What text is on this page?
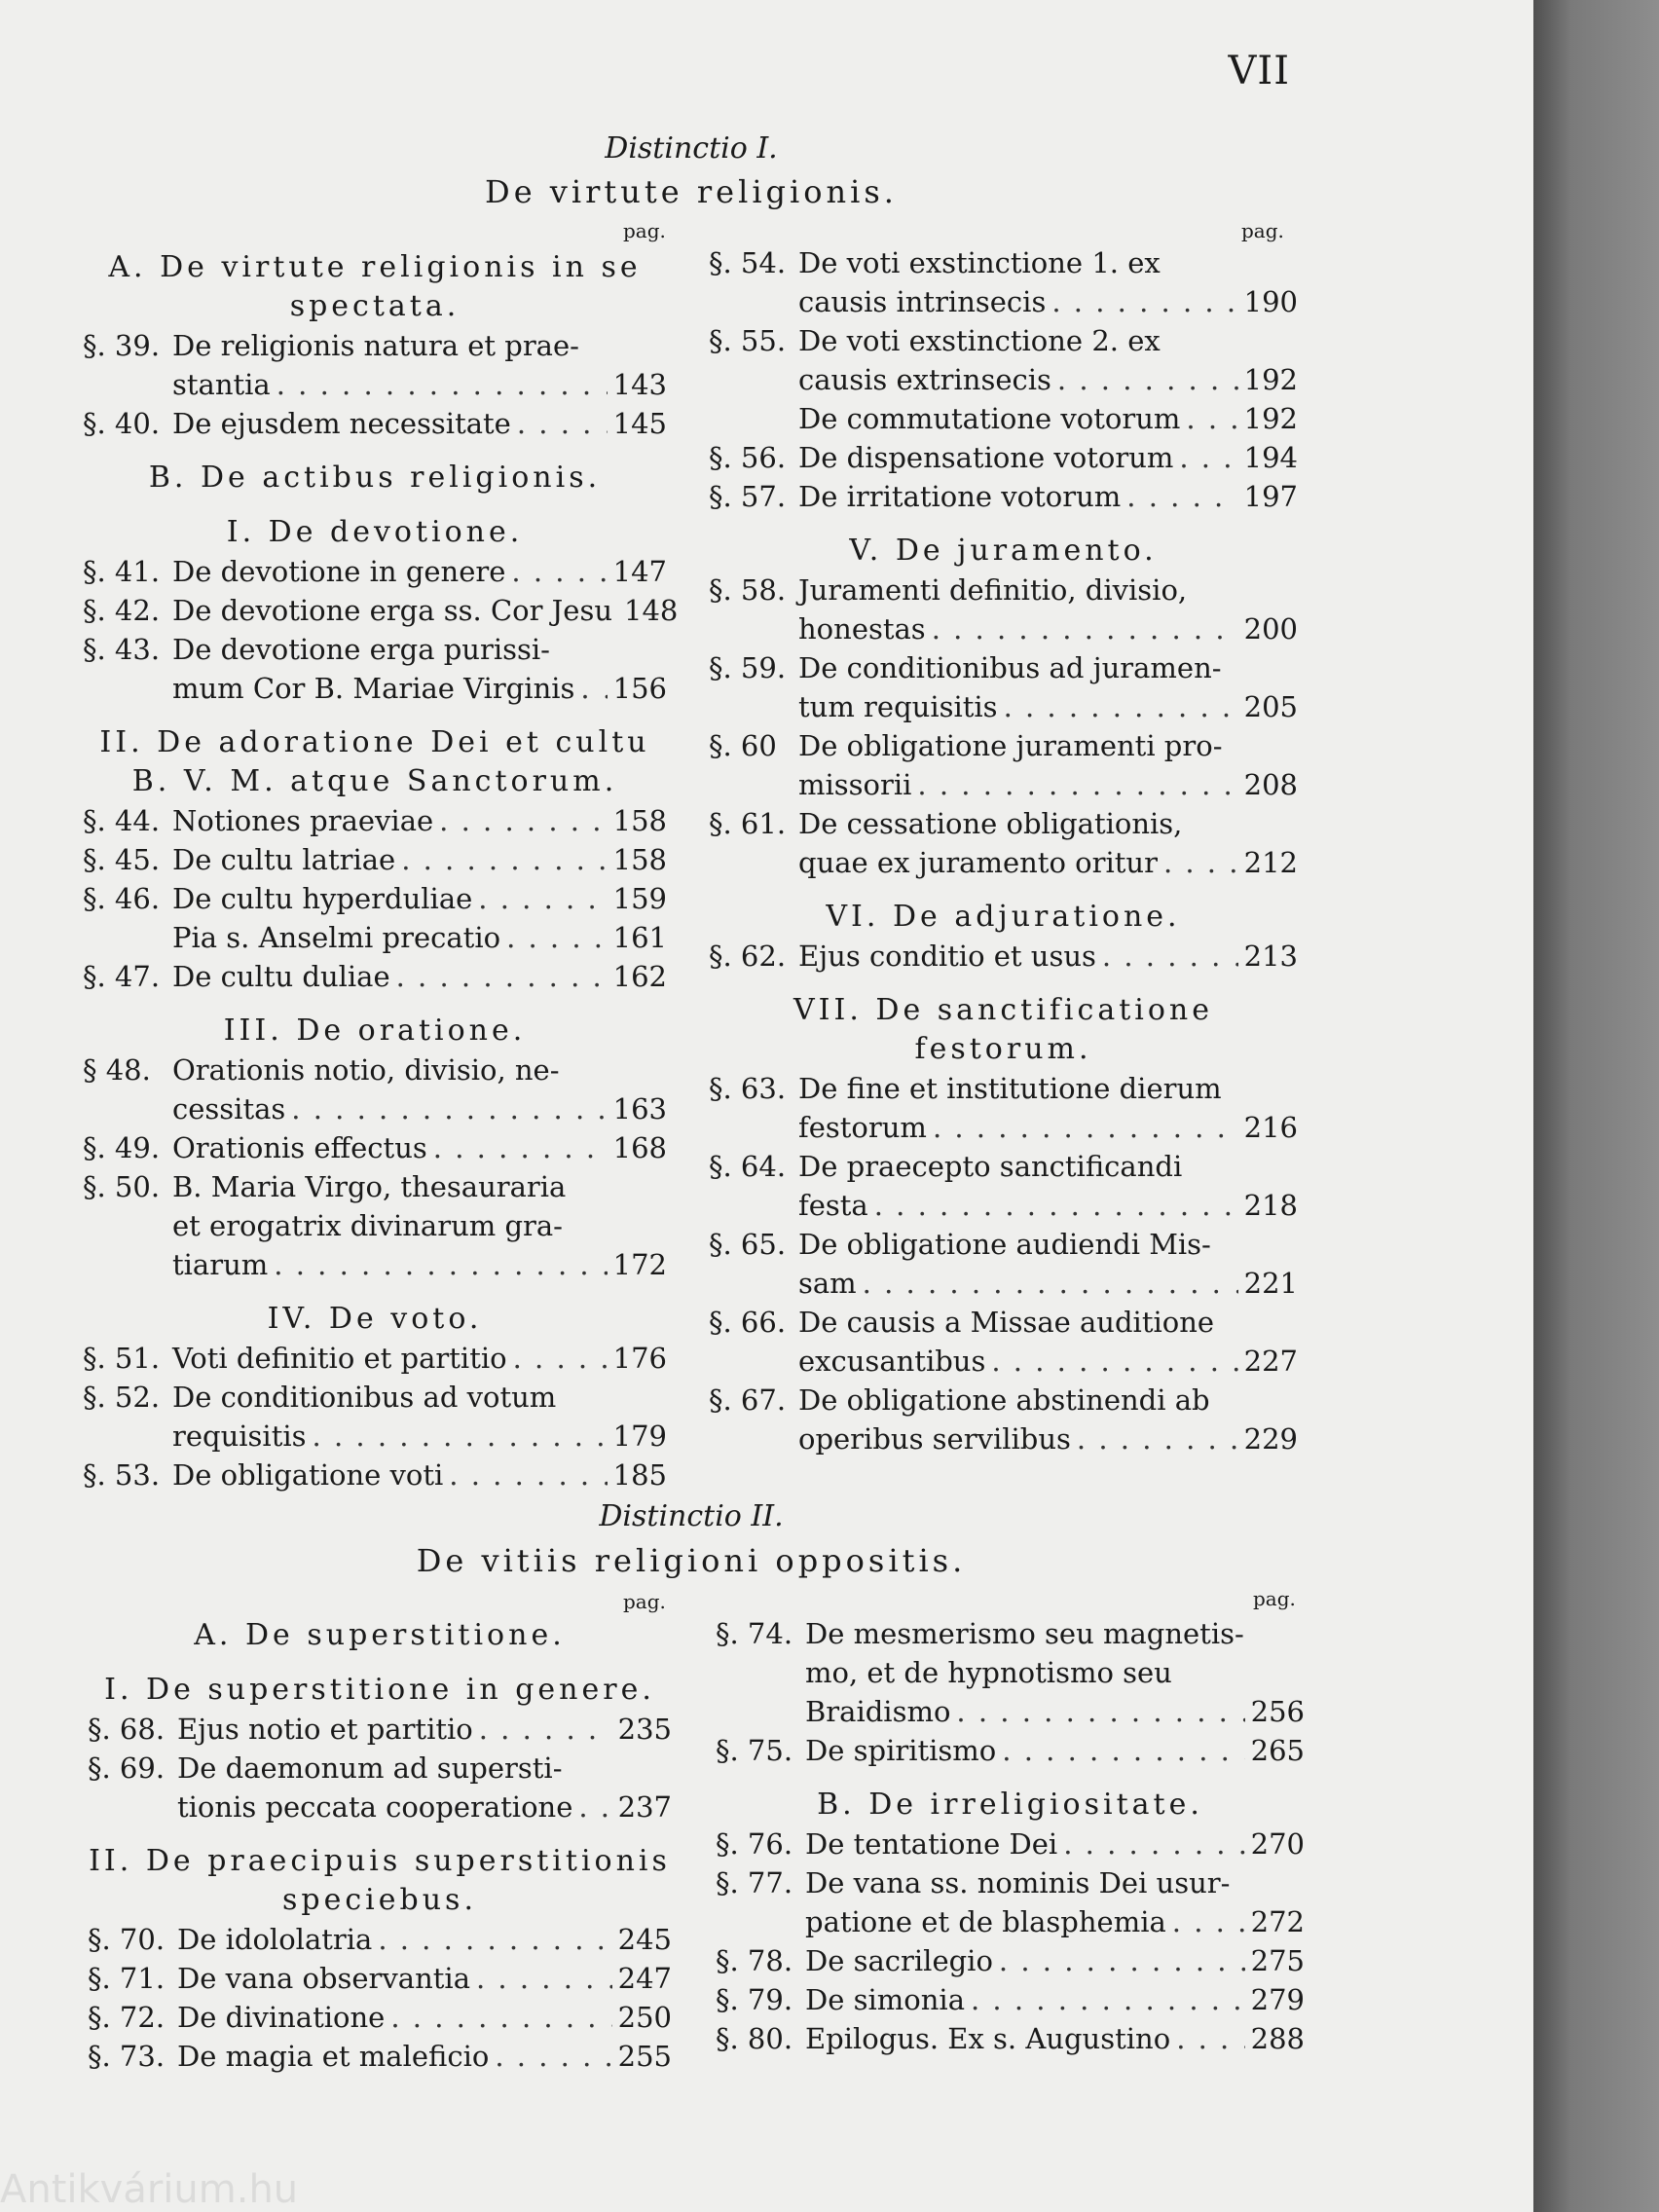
VII
Distinctio I.
De virtute religionis.
pag.	pag.
A. De virtute religionis in se spectata.
§. 39. De religionis natura et prae-
stantia . . .	143
§. 40. De ejusdem necessitate . . .	145
B. De actibus religionis.
I. De devotione.
§. 41. De devotione in genere . . .	147
§. 42. De devotione erga ss. Cor Jesu 148
§. 43. De devotione erga purissi-
mum Cor B. Mariae Virginis . . . 156
II. De adoratione Dei et cultu B. V. M. atque Sanctorum.
§. 44. Notiones praeviae . . .	158
§. 45. De cultu latriae . . .	158
§. 46. De cultu hyperduliae . . .	159
Pia s. Anselmi precatio . . .	161
§. 47. De cultu duliae . . .	162
III. De oratione.
§ 48. Orationis notio, divisio, ne-
cessitas . . .	163
§. 49. Orationis effectus . . .	168
§. 50. B. Maria Virgo, thesauraria
et erogatrix divinarum gra-
tiarum . . .	172
IV. De voto.
§. 51. Voti definitio et partitio . . .	176
§. 52. De conditionibus ad votum
requisitis . . .	179
§. 53. De obligatione voti . . .	185
§. 54. De voti exstinctione 1. ex
causis intrinsecis . . .	190
§. 55. De voti exstinctione 2. ex
causis extrinsecis . . .	192
De commutatione votorum . . . 192
§. 56. De dispensatione votorum . . . 194
§. 57. De irritatione votorum . . .	197
V. De juramento.
§. 58. Juramenti definitio, divisio,
honestas . . .	200
§. 59. De conditionibus ad juramen-
tum requisitis . . .	205
§. 60 De obligatione juramenti pro-
missorii . . .	208
§. 61. De cessatione obligationis,
quae ex juramento oritur . . .	212
VI. De adjuratione.
§. 62. Ejus conditio et usus . . .	213
VII. De sanctificatione festorum.
§. 63. De fine et institutione dierum
festorum . . .	216
§. 64. De praecepto sanctificandi
festa . . .	218
§. 65. De obligatione audiendi Mis-
sam . . .	221
§. 66. De causis a Missae auditione
excusantibus . . .	227
§. 67. De obligatione abstinendi ab
operibus servilibus . . .	229
Distinctio II.
De vitiis religioni oppositis.
pag.	pag.
A. De superstitione.
I. De superstitione in genere.
§. 68. Ejus notio et partitio . . .	235
§. 69. De daemonum ad supersti-
tionis peccata cooperatione . . . 237
II. De praecipuis superstitionis speciebus.
§. 70. De idololatria . . .	245
§. 71. De vana observantia . . .	247
§. 72. De divinatione . . .	250
§. 73. De magia et maleficio . . .	255
§. 74. De mesmerismo seu magnetis-
mo, et de hypnotismo seu
Braidismo . . .	256
§. 75. De spiritismo . . .	265
B. De irreligiositate.
§. 76. De tentatione Dei . . .	270
§. 77. De vana ss. nominis Dei usur-
patione et de blasphemia . . .	272
§. 78. De sacrilegio . . .	275
§. 79. De simonia . . .	279
§. 80. Epilogus. Ex s. Augustino . . .	288
Antikvárium.hu
